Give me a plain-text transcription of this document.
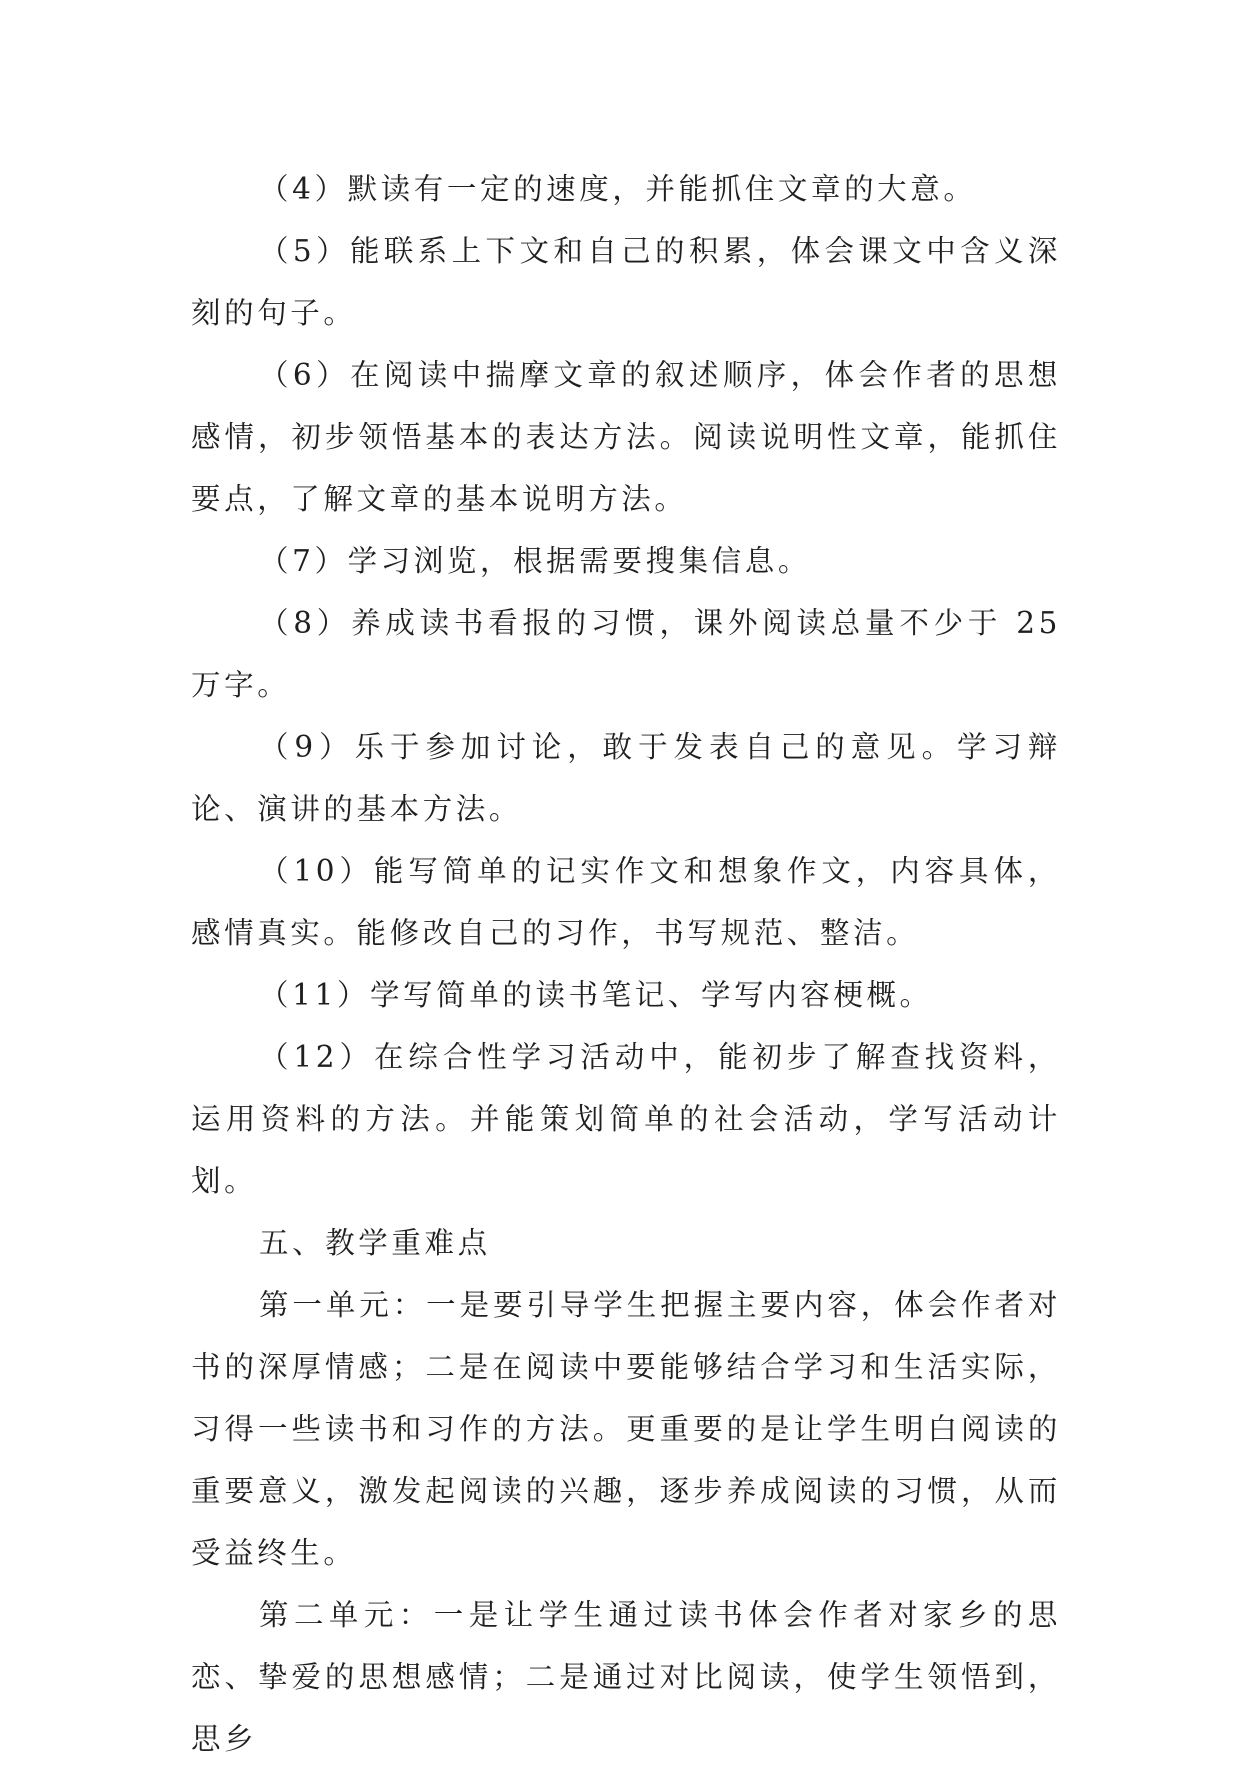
（4）默读有一定的速度，并能抓住文章的大意。

（5）能联系上下文和自己的积累，体会课文中含义深刻的句子。

（6）在阅读中揣摩文章的叙述顺序，体会作者的思想感情，初步领悟基本的表达方法。阅读说明性文章，能抓住要点，了解文章的基本说明方法。

（7）学习浏览，根据需要搜集信息。

（8）养成读书看报的习惯，课外阅读总量不少于 25 万字。

（9）乐于参加讨论，敢于发表自己的意见。学习辩论、演讲的基本方法。

（10）能写简单的记实作文和想象作文，内容具体，感情真实。能修改自己的习作，书写规范、整洁。

（11）学写简单的读书笔记、学写内容梗概。

（12）在综合性学习活动中，能初步了解查找资料，运用资料的方法。并能策划简单的社会活动，学写活动计划。

五、教学重难点

第一单元：一是要引导学生把握主要内容，体会作者对书的深厚情感；二是在阅读中要能够结合学习和生活实际，习得一些读书和习作的方法。更重要的是让学生明白阅读的重要意义，激发起阅读的兴趣，逐步养成阅读的习惯，从而受益终生。

第二单元：一是让学生通过读书体会作者对家乡的思恋、挚爱的思想感情；二是通过对比阅读，使学生领悟到，思乡
